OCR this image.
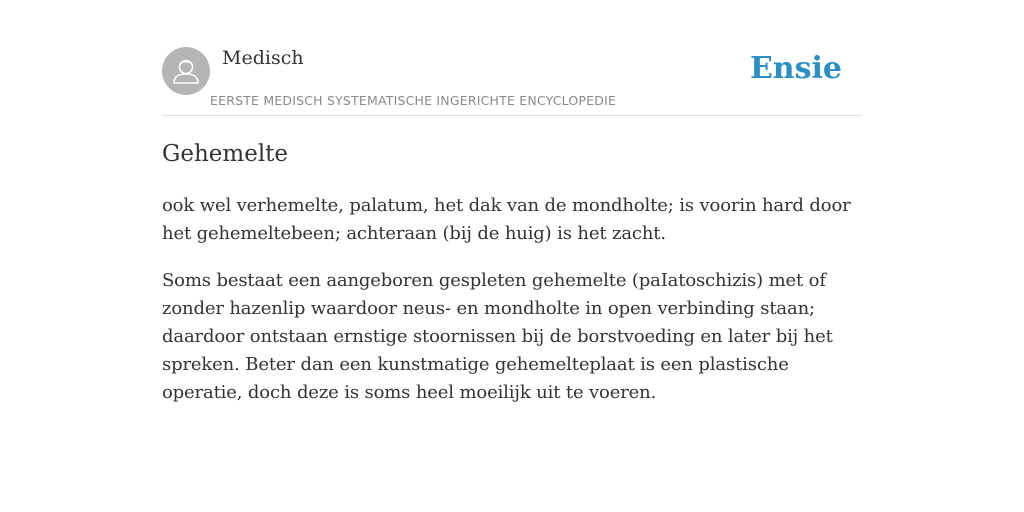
Medisch
EERSTE MEDISCH SYSTEMATISCHE INGERICHTE ENCYCLOPEDIE
Ensie
Gehemelte

ook wel verhemelte, palatum, het dak van de mondholte; is voorin hard door het gehemeltebeen; achteraan (bij de huig) is het zacht.

Soms bestaat een aangeboren gespleten gehemelte (paIatoschizis) met of zonder hazenlip waardoor neus- en mondholte in open verbinding staan; daardoor ontstaan ernstige stoornissen bij de borstvoeding en later bij het spreken. Beter dan een kunstmatige gehemelteplaat is een plastische operatie, doch deze is soms heel moeilijk uit te voeren.
